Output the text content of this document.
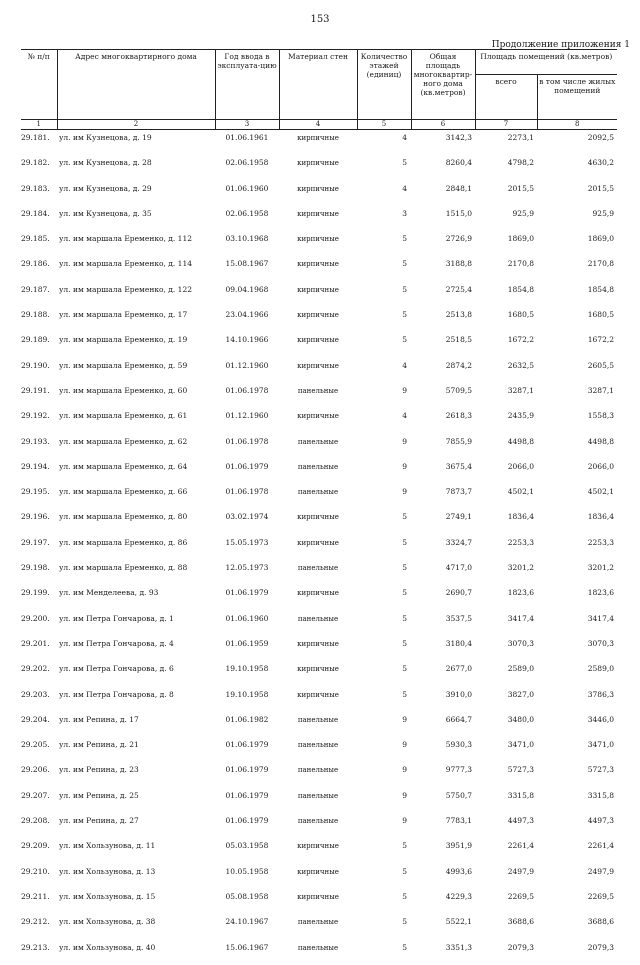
153
Продолжение приложения 1
№ п/п	Адрес многоквартирного дома	Год ввода в эксплуата-цию	Материал стен	Количество этажей (единиц)	Общая площадь многоквартир-ного дома (кв.метров)	Площадь помещений (кв.метров)	
						всего	в том числе жилых помещений
1	2	3	4	5	6	7	8
29.181.	ул. им Кузнецова, д. 19	01.06.1961	кирпичные	4	3142,3	2273,1	2092,5
29.182.	ул. им Кузнецова, д. 28	02.06.1958	кирпичные	5	8260,4	4798,2	4630,2
29.183.	ул. им Кузнецова, д. 29	01.06.1960	кирпичные	4	2848,1	2015,5	2015,5
29.184.	ул. им Кузнецова, д. 35	02.06.1958	кирпичные	3	1515,0	925,9	925,9
29.185.	ул. им маршала Еременко, д. 112	03.10.1968	кирпичные	5	2726,9	1869,0	1869,0
29.186.	ул. им маршала Еременко, д. 114	15.08.1967	кирпичные	5	3188,8	2170,8	2170,8
29.187.	ул. им маршала Еременко, д. 122	09.04.1968	кирпичные	5	2725,4	1854,8	1854,8
29.188.	ул. им маршала Еременко, д. 17	23.04.1966	кирпичные	5	2513,8	1680,5	1680,5
29.189.	ул. им маршала Еременко, д. 19	14.10.1966	кирпичные	5	2518,5	1672,2	1672,2
29.190.	ул. им маршала Еременко, д. 59	01.12.1960	кирпичные	4	2874,2	2632,5	2605,5
29.191.	ул. им маршала Еременко, д. 60	01.06.1978	панельные	9	5709,5	3287,1	3287,1
29.192.	ул. им маршала Еременко, д. 61	01.12.1960	кирпичные	4	2618,3	2435,9	1558,3
29.193.	ул. им маршала Еременко, д. 62	01.06.1978	панельные	9	7855,9	4498,8	4498,8
29.194.	ул. им маршала Еременко, д. 64	01.06.1979	панельные	9	3675,4	2066,0	2066,0
29.195.	ул. им маршала Еременко, д. 66	01.06.1978	панельные	9	7873,7	4502,1	4502,1
29.196.	ул. им маршала Еременко, д. 80	03.02.1974	кирпичные	5	2749,1	1836,4	1836,4
29.197.	ул. им маршала Еременко, д. 86	15.05.1973	кирпичные	5	3324,7	2253,3	2253,3
29.198.	ул. им маршала Еременко, д. 88	12.05.1973	панельные	5	4717,0	3201,2	3201,2
29.199.	ул. им Менделеева, д. 93	01.06.1979	кирпичные	5	2690,7	1823,6	1823,6
29.200.	ул. им Петра Гончарова, д. 1	01.06.1960	панельные	5	3537,5	3417,4	3417,4
29.201.	ул. им Петра Гончарова, д. 4	01.06.1959	кирпичные	5	3180,4	3070,3	3070,3
29.202.	ул. им Петра Гончарова, д. 6	19.10.1958	кирпичные	5	2677,0	2589,0	2589,0
29.203.	ул. им Петра Гончарова, д. 8	19.10.1958	кирпичные	5	3910,0	3827,0	3786,3
29.204.	ул. им Репина, д. 17	01.06.1982	панельные	9	6664,7	3480,0	3446,0
29.205.	ул. им Репина, д. 21	01.06.1979	панельные	9	5930,3	3471,0	3471,0
29.206.	ул. им Репина, д. 23	01.06.1979	панельные	9	9777,3	5727,3	5727,3
29.207.	ул. им Репина, д. 25	01.06.1979	панельные	9	5750,7	3315,8	3315,8
29.208.	ул. им Репина, д. 27	01.06.1979	панельные	9	7783,1	4497,3	4497,3
29.209.	ул. им Хользунова, д. 11	05.03.1958	кирпичные	5	3951,9	2261,4	2261,4
29.210.	ул. им Хользунова, д. 13	10.05.1958	кирпичные	5	4993,6	2497,9	2497,9
29.211.	ул. им Хользунова, д. 15	05.08.1958	кирпичные	5	4229,3	2269,5	2269,5
29.212.	ул. им Хользунова, д. 38	24.10.1967	панельные	5	5522,1	3688,6	3688,6
29.213.	ул. им Хользунова, д. 40	15.06.1967	панельные	5	3351,3	2079,3	2079,3
